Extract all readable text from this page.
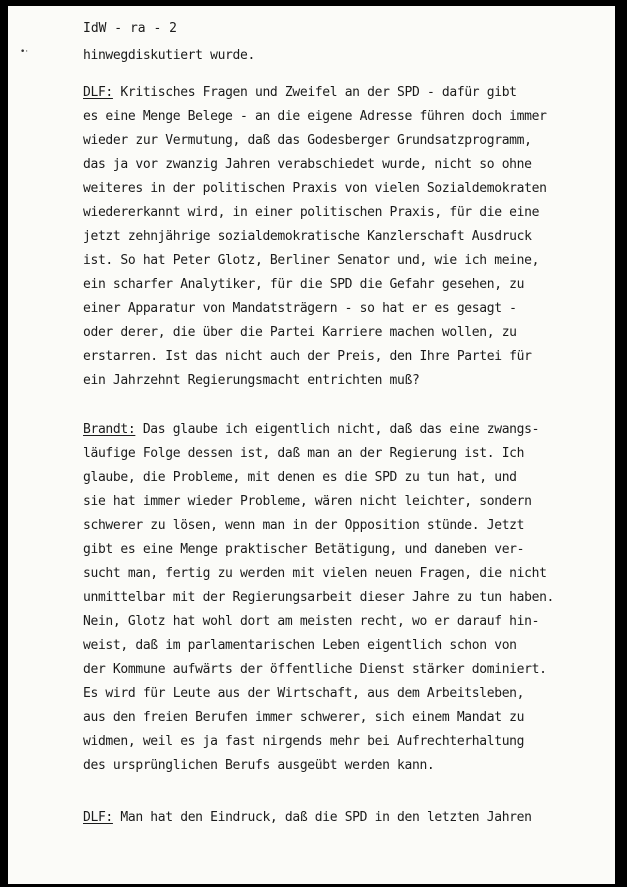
•·
IdW - ra - 2

hinwegdiskutiert wurde.

DLF: Kritisches Fragen und Zweifel an der SPD - dafür gibt

es eine Menge Belege - an die eigene Adresse führen doch immer

wieder zur Vermutung, daß das Godesberger Grundsatzprogramm,

das ja vor zwanzig Jahren verabschiedet wurde, nicht so ohne

weiteres in der politischen Praxis von vielen Sozialdemokraten

wiedererkannt wird, in einer politischen Praxis, für die eine

jetzt zehnjährige sozialdemokratische Kanzlerschaft Ausdruck

ist. So hat Peter Glotz, Berliner Senator und, wie ich meine,

ein scharfer Analytiker, für die SPD die Gefahr gesehen, zu

einer Apparatur von Mandatsträgern - so hat er es gesagt -

oder derer, die über die Partei Karriere machen wollen, zu

erstarren. Ist das nicht auch der Preis, den Ihre Partei für

ein Jahrzehnt Regierungsmacht entrichten muß?

Brandt: Das glaube ich eigentlich nicht, daß das eine zwangs-

läufige Folge dessen ist, daß man an der Regierung ist. Ich

glaube, die Probleme, mit denen es die SPD zu tun hat, und

sie hat immer wieder Probleme, wären nicht leichter, sondern

schwerer zu lösen, wenn man in der Opposition stünde. Jetzt

gibt es eine Menge praktischer Betätigung, und daneben ver-

sucht man, fertig zu werden mit vielen neuen Fragen, die nicht

unmittelbar mit der Regierungsarbeit dieser Jahre zu tun haben.

Nein, Glotz hat wohl dort am meisten recht, wo er darauf hin-

weist, daß im parlamentarischen Leben eigentlich schon von

der Kommune aufwärts der öffentliche Dienst stärker dominiert.

Es wird für Leute aus der Wirtschaft, aus dem Arbeitsleben,

aus den freien Berufen immer schwerer, sich einem Mandat zu

widmen, weil es ja fast nirgends mehr bei Aufrechterhaltung

des ursprünglichen Berufs ausgeübt werden kann.

DLF: Man hat den Eindruck, daß die SPD in den letzten Jahren
